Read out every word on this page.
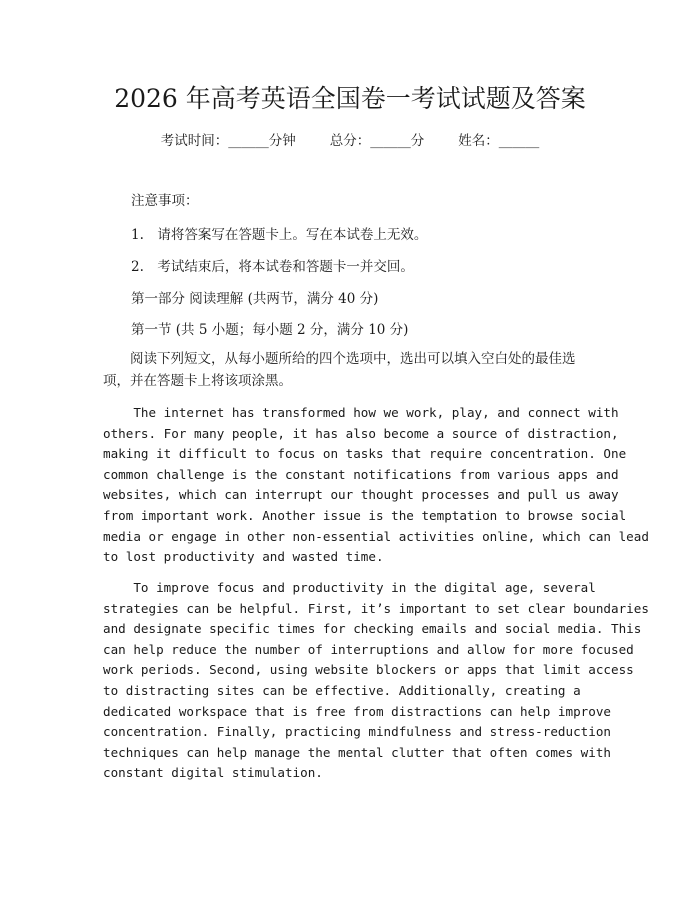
2026 年高考英语全国卷一考试试题及答案
考试时间：______分钟	总分：______分	姓名：______
注意事项：
1.　请将答案写在答题卡上。写在本试卷上无效。
2.　考试结束后，将本试卷和答题卡一并交回。
第一部分 阅读理解 (共两节，满分 40 分)
第一节 (共 5 小题；每小题 2 分，满分 10 分)
　　阅读下列短文，从每小题所给的四个选项中，选出可以填入空白处的最佳选
项，并在答题卡上将该项涂黑。
The internet has transformed how we work, play, and connect with
others. For many people, it has also become a source of distraction,
making it difficult to focus on tasks that require concentration. One
common challenge is the constant notifications from various apps and
websites, which can interrupt our thought processes and pull us away
from important work. Another issue is the temptation to browse social
media or engage in other non-essential activities online, which can lead
to lost productivity and wasted time.
To improve focus and productivity in the digital age, several
strategies can be helpful. First, it’s important to set clear boundaries
and designate specific times for checking emails and social media. This
can help reduce the number of interruptions and allow for more focused
work periods. Second, using website blockers or apps that limit access
to distracting sites can be effective. Additionally, creating a
dedicated workspace that is free from distractions can help improve
concentration. Finally, practicing mindfulness and stress-reduction
techniques can help manage the mental clutter that often comes with
constant digital stimulation.
